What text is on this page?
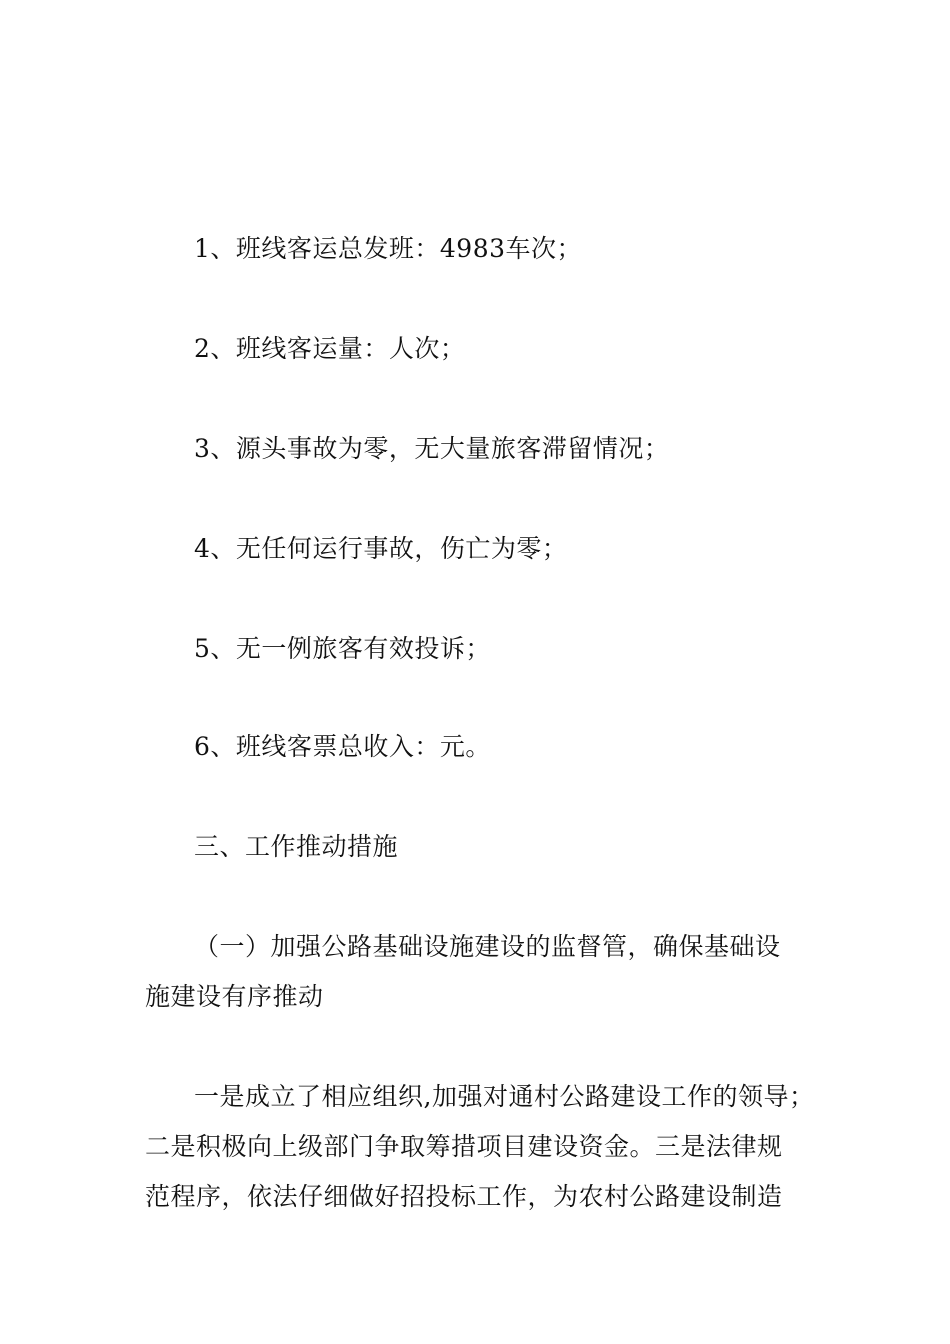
1、班线客运总发班：4983车次；
2、班线客运量：人次；
3、源头事故为零，无大量旅客滞留情况；
4、无任何运行事故，伤亡为零；
5、无一例旅客有效投诉；
6、班线客票总收入：元。
三、工作推动措施
（一）加强公路基础设施建设的监督管，确保基础设
施建设有序推动
一是成立了相应组织,加强对通村公路建设工作的领导；
二是积极向上级部门争取筹措项目建设资金。三是法律规
范程序，依法仔细做好招投标工作，为农村公路建设制造
